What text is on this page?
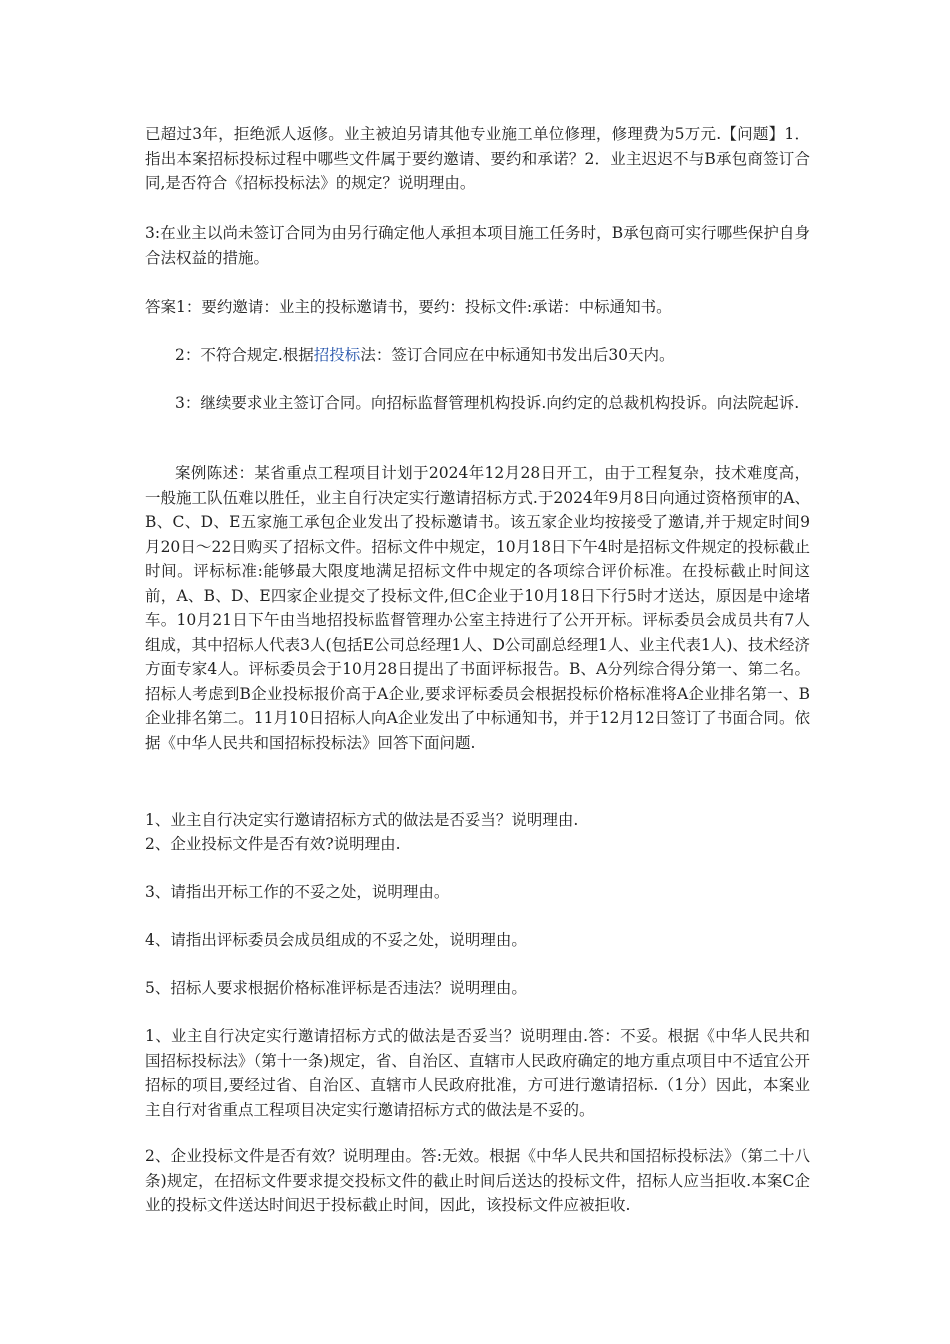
已超过3年，拒绝派人返修。业主被迫另请其他专业施工单位修理，修理费为5万元.【问题】1．指出本案招标投标过程中哪些文件属于要约邀请、要约和承诺？2．业主迟迟不与B承包商签订合同,是否符合《招标投标法》的规定？说明理由。

3:在业主以尚未签订合同为由另行确定他人承担本项目施工任务时，B承包商可实行哪些保护自身合法权益的措施。

答案1：要约邀请：业主的投标邀请书，要约：投标文件:承诺：中标通知书。

2：不符合规定.根据招投标法：签订合同应在中标通知书发出后30天内。

3：继续要求业主签订合同。向招标监督管理机构投诉.向约定的总裁机构投诉。向法院起诉.

案例陈述：某省重点工程项目计划于2024年12月28日开工，由于工程复杂，技术难度高，一般施工队伍难以胜任，业主自行决定实行邀请招标方式.于2024年9月8日向通过资格预审的A、B、C、D、E五家施工承包企业发出了投标邀请书。该五家企业均按接受了邀请,并于规定时间9月20日～22日购买了招标文件。招标文件中规定，10月18日下午4时是招标文件规定的投标截止时间。评标标准:能够最大限度地满足招标文件中规定的各项综合评价标准。在投标截止时间这前，A、B、D、E四家企业提交了投标文件,但C企业于10月18日下行5时才送达，原因是中途堵车。10月21日下午由当地招投标监督管理办公室主持进行了公开开标。评标委员会成员共有7人组成，其中招标人代表3人(包括E公司总经理1人、D公司副总经理1人、业主代表1人)、技术经济方面专家4人。评标委员会于10月28日提出了书面评标报告。B、A分列综合得分第一、第二名。招标人考虑到B企业投标报价高于A企业,要求评标委员会根据投标价格标准将A企业排名第一、B企业排名第二。11月10日招标人向A企业发出了中标通知书，并于12月12日签订了书面合同。依据《中华人民共和国招标投标法》回答下面问题.

1、业主自行决定实行邀请招标方式的做法是否妥当？说明理由.

2、企业投标文件是否有效?说明理由.

3、请指出开标工作的不妥之处，说明理由。

4、请指出评标委员会成员组成的不妥之处，说明理由。

5、招标人要求根据价格标准评标是否违法？说明理由。

1、业主自行决定实行邀请招标方式的做法是否妥当？说明理由.答：不妥。根据《中华人民共和国招标投标法》（第十一条)规定，省、自治区、直辖市人民政府确定的地方重点项目中不适宜公开招标的项目,要经过省、自治区、直辖市人民政府批准，方可进行邀请招标.（1分）因此，本案业主自行对省重点工程项目决定实行邀请招标方式的做法是不妥的。

2、企业投标文件是否有效？说明理由。答:无效。根据《中华人民共和国招标投标法》（第二十八条)规定，在招标文件要求提交投标文件的截止时间后送达的投标文件，招标人应当拒收.本案C企业的投标文件送达时间迟于投标截止时间，因此，该投标文件应被拒收.
